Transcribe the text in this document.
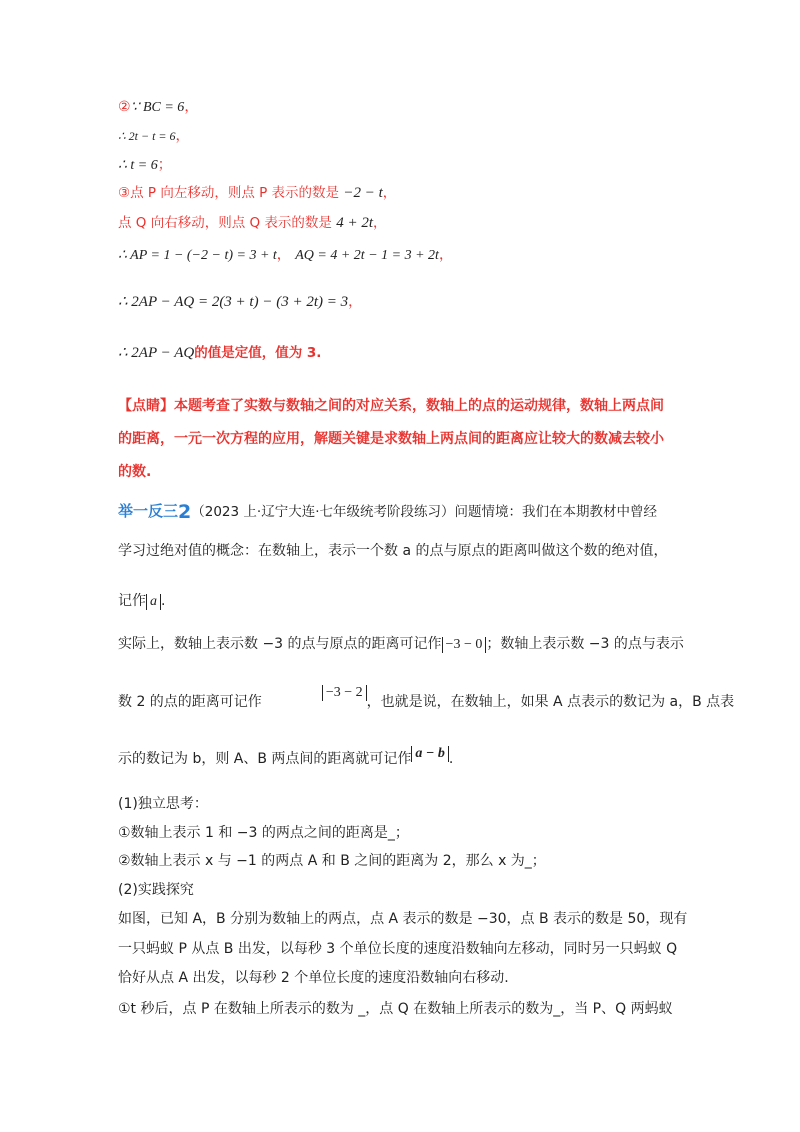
②∵ BC = 6，
∴ 2t − t = 6，
∴ t = 6；
③点 P 向左移动，则点 P 表示的数是 −2 − t，
点 Q 向右移动，则点 Q 表示的数是 4 + 2t，
∴ AP = 1 − (−2 − t) = 3 + t， AQ = 4 + 2t − 1 = 3 + 2t，
∴ 2AP − AQ = 2(3 + t) − (3 + 2t) = 3，
∴ 2AP − AQ的值是定值，值为 3.
【点睛】本题考查了实数与数轴之间的对应关系，数轴上的点的运动规律，数轴上两点间
的距离，一元一次方程的应用，解题关键是求数轴上两点间的距离应让较大的数减去较小
的数.
举一反三2（2023 上·辽宁大连·七年级统考阶段练习）问题情境：我们在本期教材中曾经
学习过绝对值的概念：在数轴上，表示一个数 a 的点与原点的距离叫做这个数的绝对值，
记作 a .
实际上，数轴上表示数 −3 的点与原点的距离可记作 −3 − 0 ；数轴上表示数 −3 的点与表示
数 2 的点的距离可记作−3 − 2，也就是说，在数轴上，如果 A 点表示的数记为 a，B 点表
示的数记为 b，则 A、B 两点间的距离就可记作 a − b .
(1)独立思考：
①数轴上表示 1 和 −3 的两点之间的距离是_；
②数轴上表示 x 与 −1 的两点 A 和 B 之间的距离为 2，那么 x 为_；
(2)实践探究
如图，已知 A，B 分别为数轴上的两点，点 A 表示的数是 −30，点 B 表示的数是 50，现有
一只蚂蚁 P 从点 B 出发，以每秒 3 个单位长度的速度沿数轴向左移动，同时另一只蚂蚁 Q
恰好从点 A 出发，以每秒 2 个单位长度的速度沿数轴向右移动.
①t 秒后，点 P 在数轴上所表示的数为 _，点 Q 在数轴上所表示的数为_，当 P、Q 两蚂蚁
